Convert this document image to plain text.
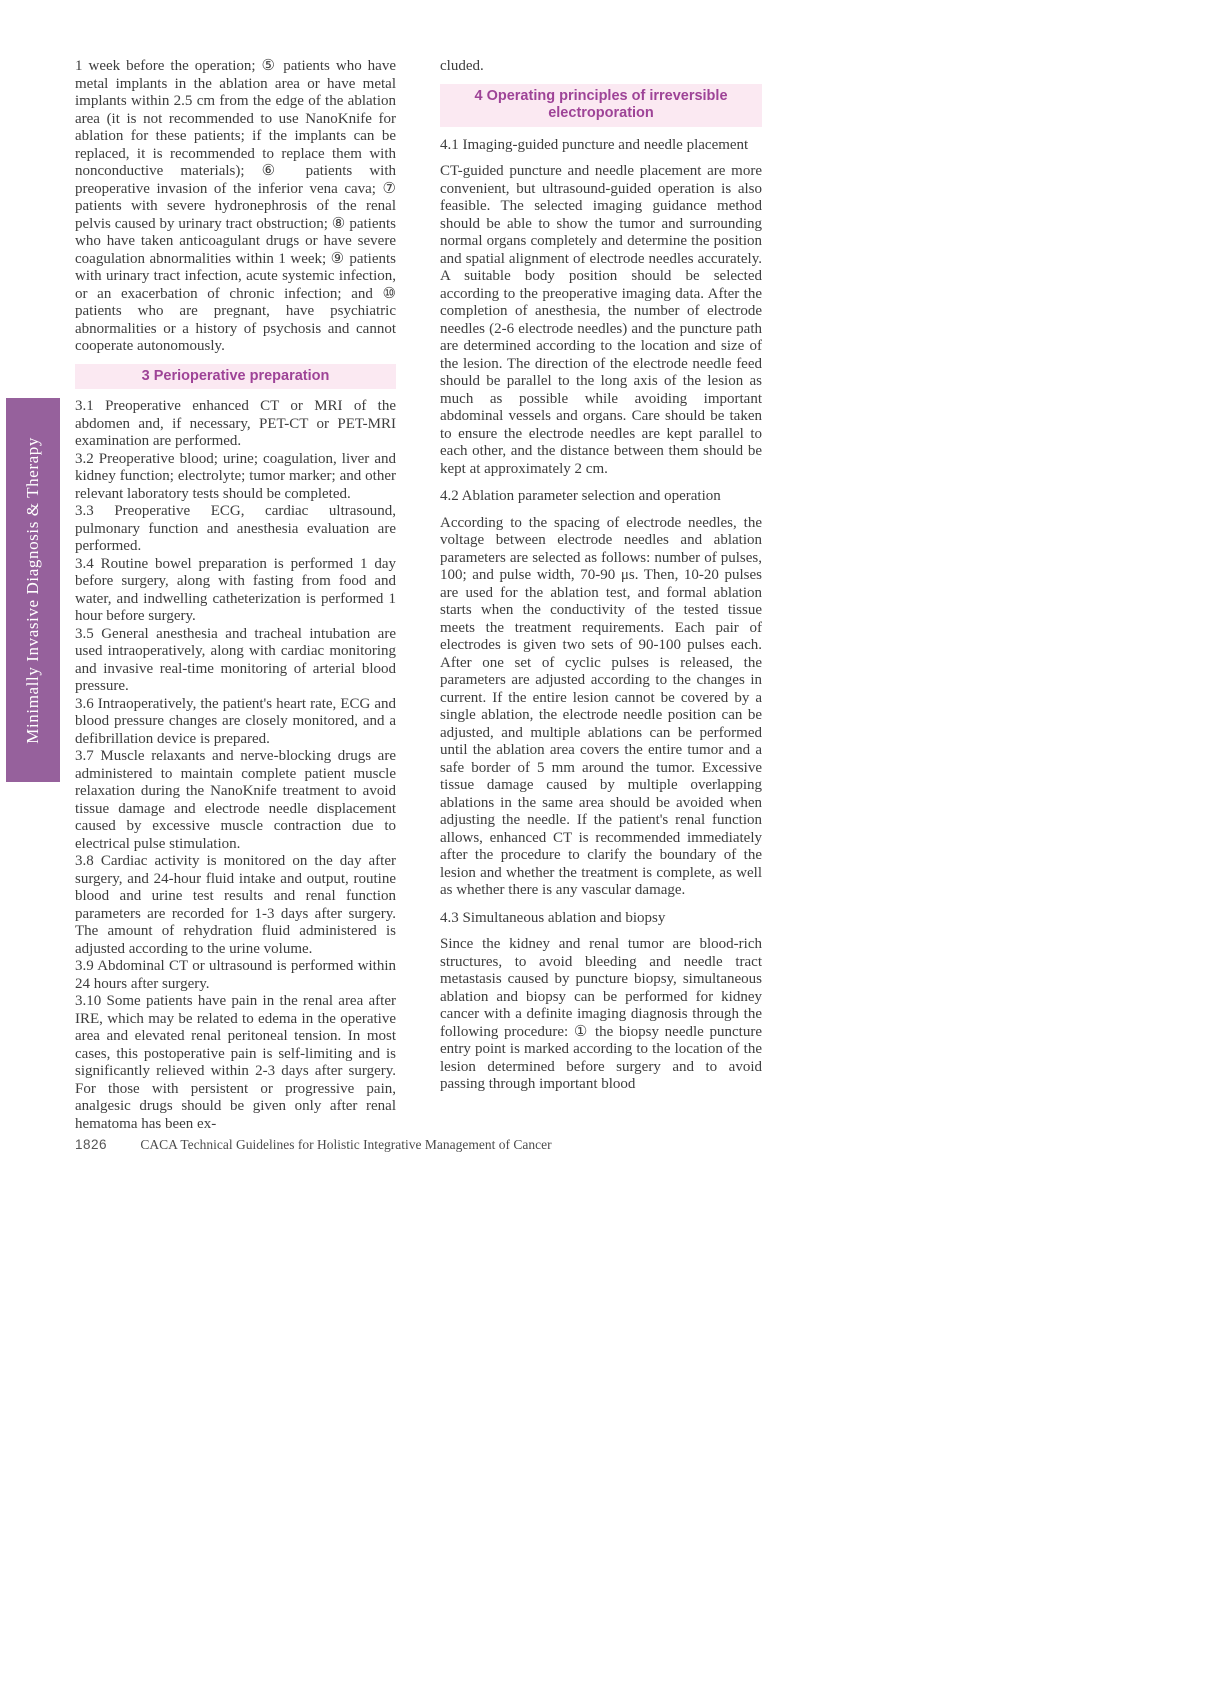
Minimally Invasive Diagnosis & Therapy

1 week before the operation; ⑤ patients who have metal implants in the ablation area or have metal implants within 2.5 cm from the edge of the ablation area (it is not recommended to use NanoKnife for ablation for these patients; if the implants can be replaced, it is recommended to replace them with nonconductive materials); ⑥ patients with preoperative invasion of the inferior vena cava; ⑦ patients with severe hydronephrosis of the renal pelvis caused by urinary tract obstruction; ⑧ patients who have taken anticoagulant drugs or have severe coagulation abnormalities within 1 week; ⑨ patients with urinary tract infection, acute systemic infection, or an exacerbation of chronic infection; and ⑩ patients who are pregnant, have psychiatric abnormalities or a history of psychosis and cannot cooperate autonomously.

3 Perioperative preparation

3.1 Preoperative enhanced CT or MRI of the abdomen and, if necessary, PET-CT or PET-MRI examination are performed.

3.2 Preoperative blood; urine; coagulation, liver and kidney function; electrolyte; tumor marker; and other relevant laboratory tests should be completed.

3.3 Preoperative ECG, cardiac ultrasound, pulmonary function and anesthesia evaluation are performed.

3.4 Routine bowel preparation is performed 1 day before surgery, along with fasting from food and water, and indwelling catheterization is performed 1 hour before surgery.

3.5 General anesthesia and tracheal intubation are used intraoperatively, along with cardiac monitoring and invasive real-time monitoring of arterial blood pressure.

3.6 Intraoperatively, the patient's heart rate, ECG and blood pressure changes are closely monitored, and a defibrillation device is prepared.

3.7 Muscle relaxants and nerve-blocking drugs are administered to maintain complete patient muscle relaxation during the NanoKnife treatment to avoid tissue damage and electrode needle displacement caused by excessive muscle contraction due to electrical pulse stimulation.

3.8 Cardiac activity is monitored on the day after surgery, and 24-hour fluid intake and output, routine blood and urine test results and renal function parameters are recorded for 1-3 days after surgery. The amount of rehydration fluid administered is adjusted according to the urine volume.

3.9 Abdominal CT or ultrasound is performed within 24 hours after surgery.

3.10 Some patients have pain in the renal area after IRE, which may be related to edema in the operative area and elevated renal peritoneal tension. In most cases, this postoperative pain is self-limiting and is significantly relieved within 2-3 days after surgery. For those with persistent or progressive pain, analgesic drugs should be given only after renal hematoma has been ex-

cluded.

4 Operating principles of irreversible electroporation

4.1 Imaging-guided puncture and needle placement

CT-guided puncture and needle placement are more convenient, but ultrasound-guided operation is also feasible. The selected imaging guidance method should be able to show the tumor and surrounding normal organs completely and determine the position and spatial alignment of electrode needles accurately. A suitable body position should be selected according to the preoperative imaging data. After the completion of anesthesia, the number of electrode needles (2-6 electrode needles) and the puncture path are determined according to the location and size of the lesion. The direction of the electrode needle feed should be parallel to the long axis of the lesion as much as possible while avoiding important abdominal vessels and organs. Care should be taken to ensure the electrode needles are kept parallel to each other, and the distance between them should be kept at approximately 2 cm.

4.2 Ablation parameter selection and operation

According to the spacing of electrode needles, the voltage between electrode needles and ablation parameters are selected as follows: number of pulses, 100; and pulse width, 70-90 μs. Then, 10-20 pulses are used for the ablation test, and formal ablation starts when the conductivity of the tested tissue meets the treatment requirements. Each pair of electrodes is given two sets of 90-100 pulses each. After one set of cyclic pulses is released, the parameters are adjusted according to the changes in current. If the entire lesion cannot be covered by a single ablation, the electrode needle position can be adjusted, and multiple ablations can be performed until the ablation area covers the entire tumor and a safe border of 5 mm around the tumor. Excessive tissue damage caused by multiple overlapping ablations in the same area should be avoided when adjusting the needle. If the patient's renal function allows, enhanced CT is recommended immediately after the procedure to clarify the boundary of the lesion and whether the treatment is complete, as well as whether there is any vascular damage.

4.3 Simultaneous ablation and biopsy

Since the kidney and renal tumor are blood-rich structures, to avoid bleeding and needle tract metastasis caused by puncture biopsy, simultaneous ablation and biopsy can be performed for kidney cancer with a definite imaging diagnosis through the following procedure: ① the biopsy needle puncture entry point is marked according to the location of the lesion determined before surgery and to avoid passing through important blood

1826 CACA Technical Guidelines for Holistic Integrative Management of Cancer
